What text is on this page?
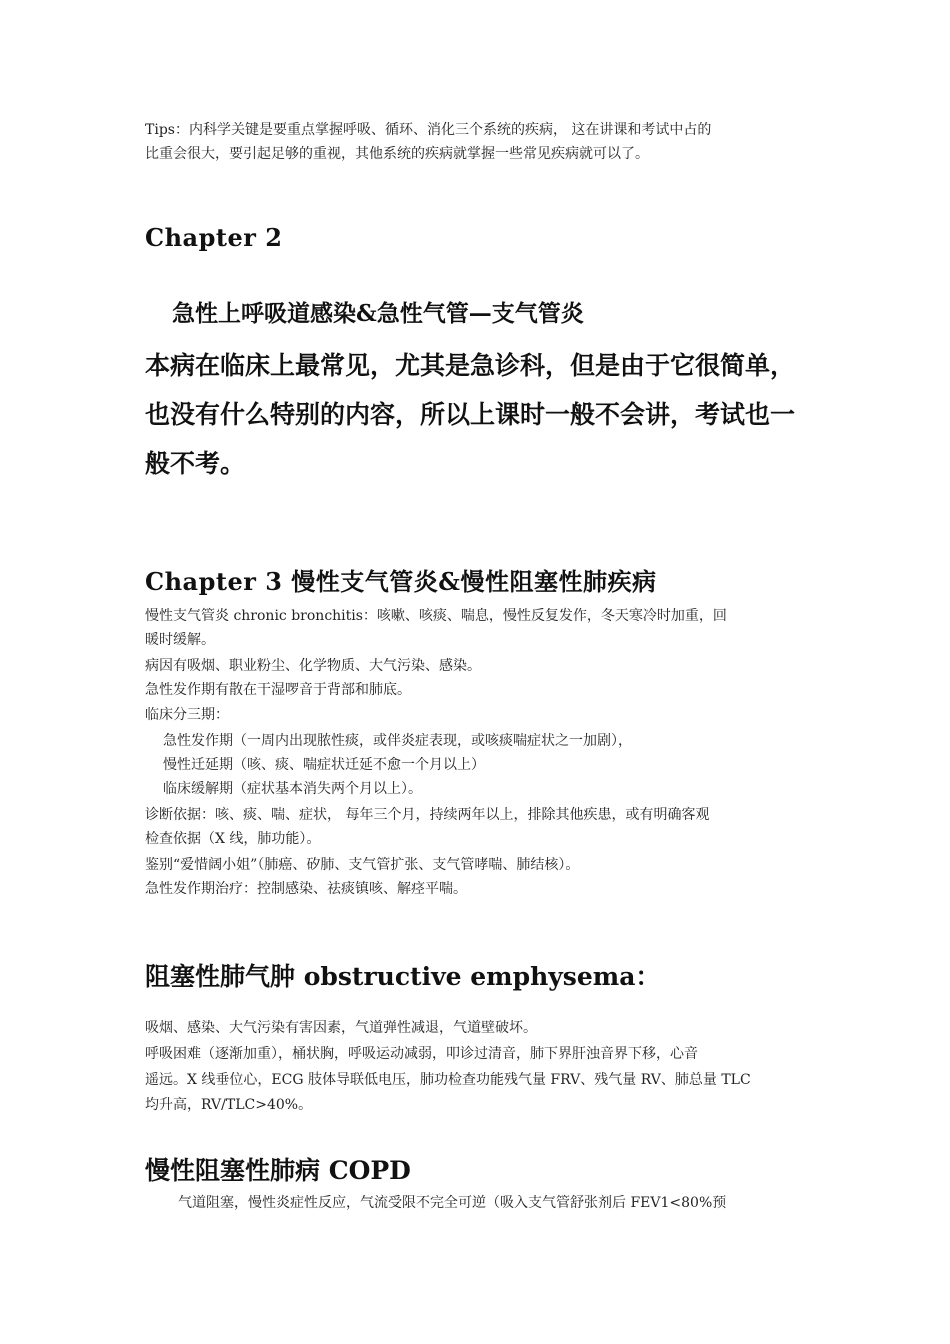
Tips：内科学关键是要重点掌握呼吸、循环、消化三个系统的疾病， 这在讲课和考试中占的
比重会很大，要引起足够的重视，其他系统的疾病就掌握一些常见疾病就可以了。
Chapter 2
急性上呼吸道感染&急性气管—支气管炎
本病在临床上最常见，尤其是急诊科，但是由于它很简单，
也没有什么特别的内容，所以上课时一般不会讲，考试也一
般不考。
Chapter 3 慢性支气管炎&慢性阻塞性肺疾病
慢性支气管炎 chronic bronchitis：咳嗽、咳痰、喘息，慢性反复发作，冬天寒冷时加重，回
暖时缓解。
病因有吸烟、职业粉尘、化学物质、大气污染、感染。
急性发作期有散在干湿啰音于背部和肺底。
临床分三期：
急性发作期（一周内出现脓性痰，或伴炎症表现，或咳痰喘症状之一加剧），
慢性迁延期（咳、痰、喘症状迁延不愈一个月以上）
临床缓解期（症状基本消失两个月以上）。
诊断依据：咳、痰、喘、症状， 每年三个月，持续两年以上，排除其他疾患，或有明确客观
检查依据（X 线，肺功能）。
鉴别“爱惜阔小姐”（肺癌、矽肺、支气管扩张、支气管哮喘、肺结核）。
急性发作期治疗：控制感染、祛痰镇咳、解痉平喘。
阻塞性肺气肿 obstructive emphysema：
吸烟、感染、大气污染有害因素，气道弹性减退，气道壁破坏。
呼吸困难（逐渐加重），桶状胸，呼吸运动减弱，叩诊过清音，肺下界肝浊音界下移，心音
遥远。X 线垂位心，ECG 肢体导联低电压，肺功检查功能残气量 FRV、残气量 RV、肺总量 TLC
均升高，RV/TLC>40%。
慢性阻塞性肺病 COPD
气道阻塞，慢性炎症性反应，气流受限不完全可逆（吸入支气管舒张剂后 FEV1<80%预
